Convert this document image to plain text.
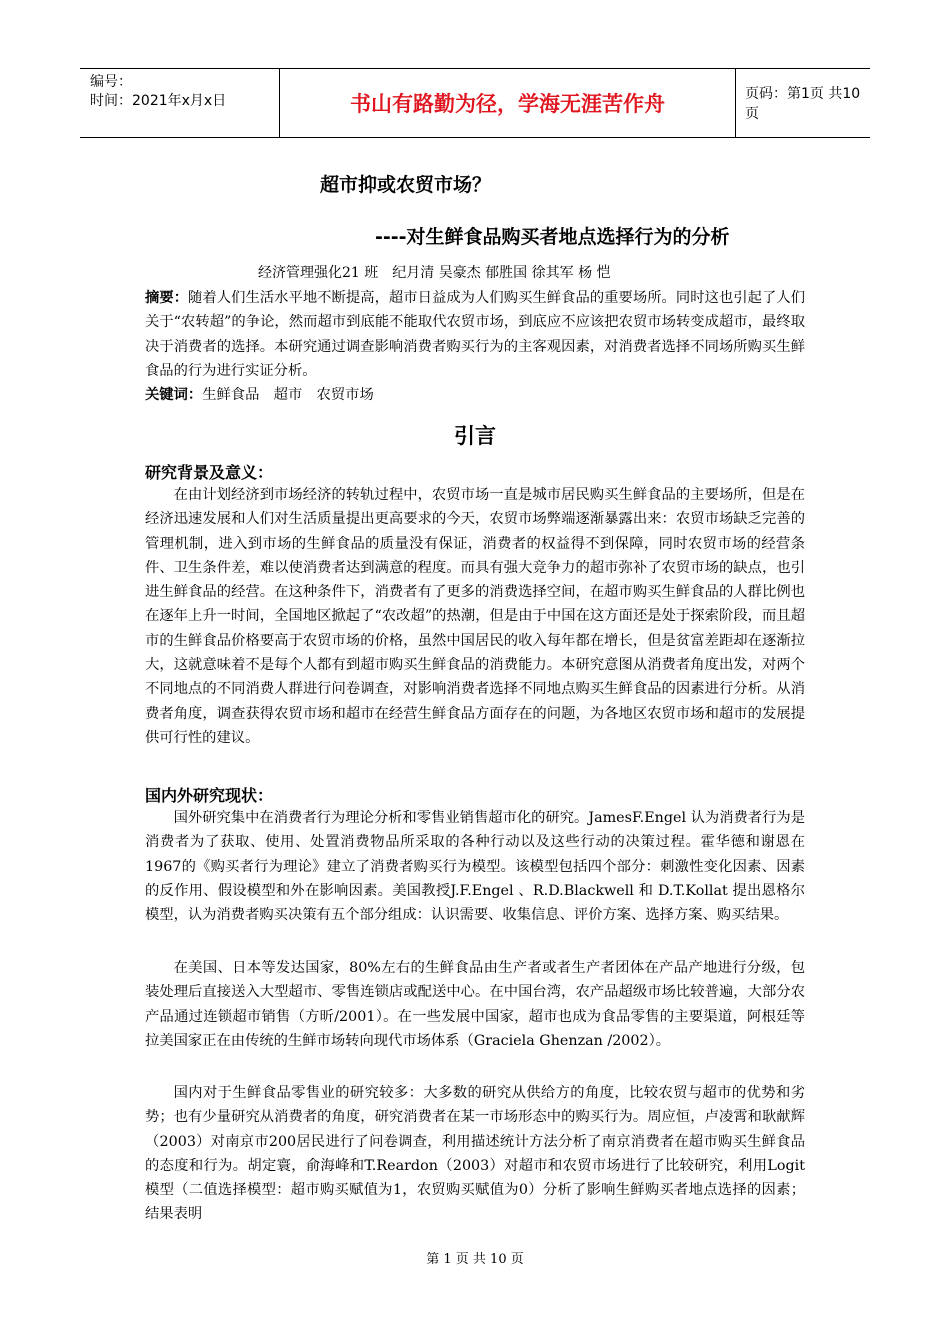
编号：
时间：2021年x月x日	书山有路勤为径，学海无涯苦作舟	页码：第1页 共10页
超市抑或农贸市场？
----对生鲜食品购买者地点选择行为的分析
经济管理强化21 班　纪月清 吴豪杰 郁胜国 徐其军 杨 恺
摘要：随着人们生活水平地不断提高，超市日益成为人们购买生鲜食品的重要场所。同时这也引起了人们关于“农转超”的争论，然而超市到底能不能取代农贸市场，到底应不应该把农贸市场转变成超市，最终取决于消费者的选择。本研究通过调查影响消费者购买行为的主客观因素，对消费者选择不同场所购买生鲜食品的行为进行实证分析。
关键词：生鲜食品　超市　农贸市场
引言
研究背景及意义：

在由计划经济到市场经济的转轨过程中，农贸市场一直是城市居民购买生鲜食品的主要场所，但是在经济迅速发展和人们对生活质量提出更高要求的今天，农贸市场弊端逐渐暴露出来：农贸市场缺乏完善的管理机制，进入到市场的生鲜食品的质量没有保证，消费者的权益得不到保障，同时农贸市场的经营条件、卫生条件差，难以使消费者达到满意的程度。而具有强大竞争力的超市弥补了农贸市场的缺点，也引进生鲜食品的经营。在这种条件下，消费者有了更多的消费选择空间，在超市购买生鲜食品的人群比例也在逐年上升一时间，全国地区掀起了“农改超”的热潮，但是由于中国在这方面还是处于探索阶段，而且超市的生鲜食品价格要高于农贸市场的价格，虽然中国居民的收入每年都在增长，但是贫富差距却在逐渐拉大，这就意味着不是每个人都有到超市购买生鲜食品的消费能力。本研究意图从消费者角度出发，对两个不同地点的不同消费人群进行问卷调查，对影响消费者选择不同地点购买生鲜食品的因素进行分析。从消费者角度，调查获得农贸市场和超市在经营生鲜食品方面存在的问题，为各地区农贸市场和超市的发展提供可行性的建议。

国内外研究现状：

国外研究集中在消费者行为理论分析和零售业销售超市化的研究。JamesF.Engel 认为消费者行为是消费者为了获取、使用、处置消费物品所采取的各种行动以及这些行动的决策过程。霍华德和谢恩在1967的《购买者行为理论》建立了消费者购买行为模型。该模型包括四个部分：刺激性变化因素、因素的反作用、假设模型和外在影响因素。美国教授J.F.Engel 、R.D.Blackwell 和 D.T.Kollat 提出恩格尔模型，认为消费者购买决策有五个部分组成：认识需要、收集信息、评价方案、选择方案、购买结果。

在美国、日本等发达国家，80%左右的生鲜食品由生产者或者生产者团体在产品产地进行分级，包装处理后直接送入大型超市、零售连锁店或配送中心。在中国台湾，农产品超级市场比较普遍，大部分农产品通过连锁超市销售（方昕/2001）。在一些发展中国家，超市也成为食品零售的主要渠道，阿根廷等拉美国家正在由传统的生鲜市场转向现代市场体系（Graciela Ghenzan /2002）。

国内对于生鲜食品零售业的研究较多：大多数的研究从供给方的角度，比较农贸与超市的优势和劣势；也有少量研究从消费者的角度，研究消费者在某一市场形态中的购买行为。周应恒，卢凌霄和耿献辉（2003）对南京市200居民进行了问卷调查，利用描述统计方法分析了南京消费者在超市购买生鲜食品的态度和行为。胡定寰，俞海峰和T.Reardon（2003）对超市和农贸市场进行了比较研究，利用Logit模型（二值选择模型：超市购买赋值为1，农贸购买赋值为0）分析了影响生鲜购买者地点选择的因素；结果表明

第 1 页 共 10 页
